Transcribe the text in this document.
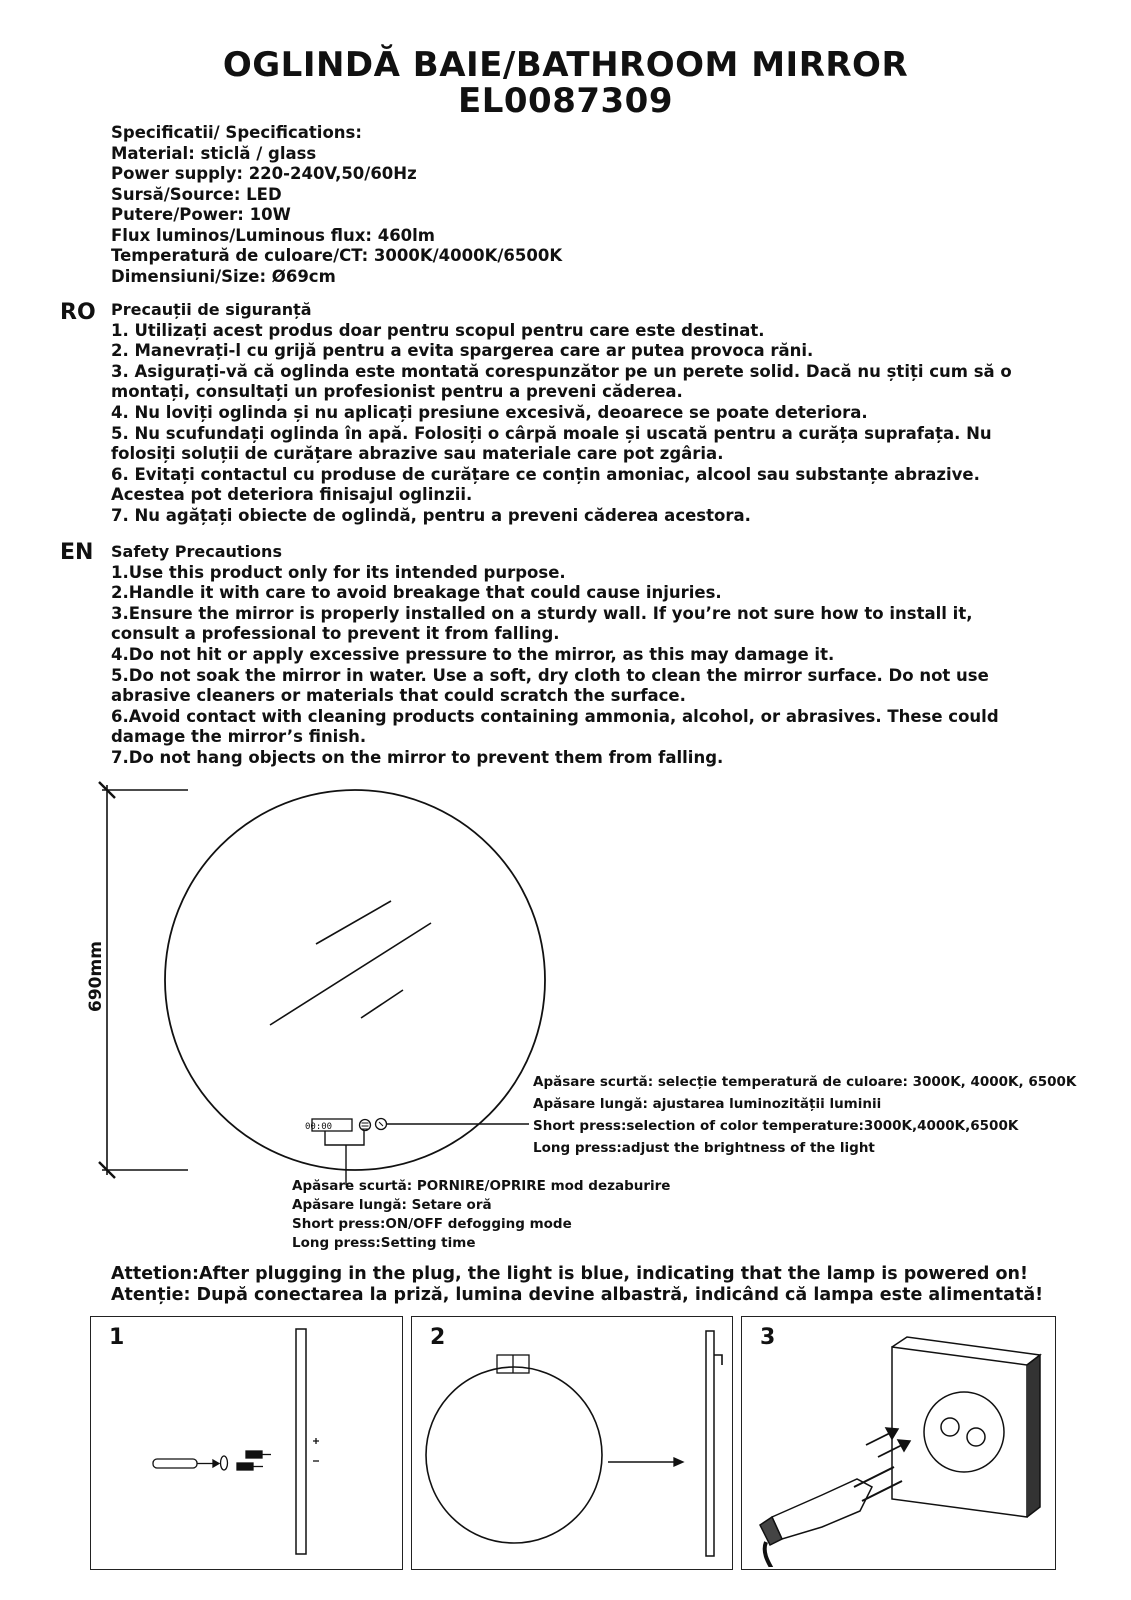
OGLINDĂ BAIE/BATHROOM MIRROR
EL0087309
Specificatii/ Specifications:
Material: sticlă / glass
Power supply: 220-240V,50/60Hz
Sursă/Source: LED
Putere/Power: 10W
Flux luminos/Luminous flux: 460lm
Temperatură de culoare/CT: 3000K/4000K/6500K
Dimensiuni/Size: Ø69cm
RO Precauții de siguranță
1. Utilizați acest produs doar pentru scopul pentru care este destinat.
2. Manevrați-l cu grijă pentru a evita spargerea care ar putea provoca răni.
3. Asigurați-vă că oglinda este montată corespunzător pe un perete solid. Dacă nu știți cum să o
montați, consultați un profesionist pentru a preveni căderea.
4. Nu loviți oglinda și nu aplicați presiune excesivă, deoarece se poate deteriora.
5. Nu scufundați oglinda în apă. Folosiți o cârpă moale și uscată pentru a curăța suprafața. Nu
folosiți soluții de curățare abrazive sau materiale care pot zgâria.
6. Evitați contactul cu produse de curățare ce conțin amoniac, alcool sau substanțe abrazive.
Acestea pot deteriora finisajul oglinzii.
7. Nu agățați obiecte de oglindă, pentru a preveni căderea acestora.
EN Safety Precautions
1.Use this product only for its intended purpose.
2.Handle it with care to avoid breakage that could cause injuries.
3.Ensure the mirror is properly installed on a sturdy wall. If you’re not sure how to install it,
consult a professional to prevent it from falling.
4.Do not hit or apply excessive pressure to the mirror, as this may damage it.
5.Do not soak the mirror in water. Use a soft, dry cloth to clean the mirror surface. Do not use
abrasive cleaners or materials that could scratch the surface.
6.Avoid contact with cleaning products containing ammonia, alcohol, or abrasives. These could
damage the mirror’s finish.
7.Do not hang objects on the mirror to prevent them from falling.
00:00
690mm
Apăsare scurtă: selecție temperatură de culoare: 3000K, 4000K, 6500K
Apăsare lungă: ajustarea luminozității luminii
Short press:selection of color temperature:3000K,4000K,6500K
Long press:adjust the brightness of the light
Apăsare scurtă: PORNIRE/OPRIRE mod dezaburire
Apăsare lungă: Setare oră
Short press:ON/OFF defogging mode
Long press:Setting time
Attetion:After plugging in the plug, the light is blue, indicating that the lamp is powered on!
Atenție: După conectarea la priză, lumina devine albastră, indicând că lampa este alimentată!
1	2	3
